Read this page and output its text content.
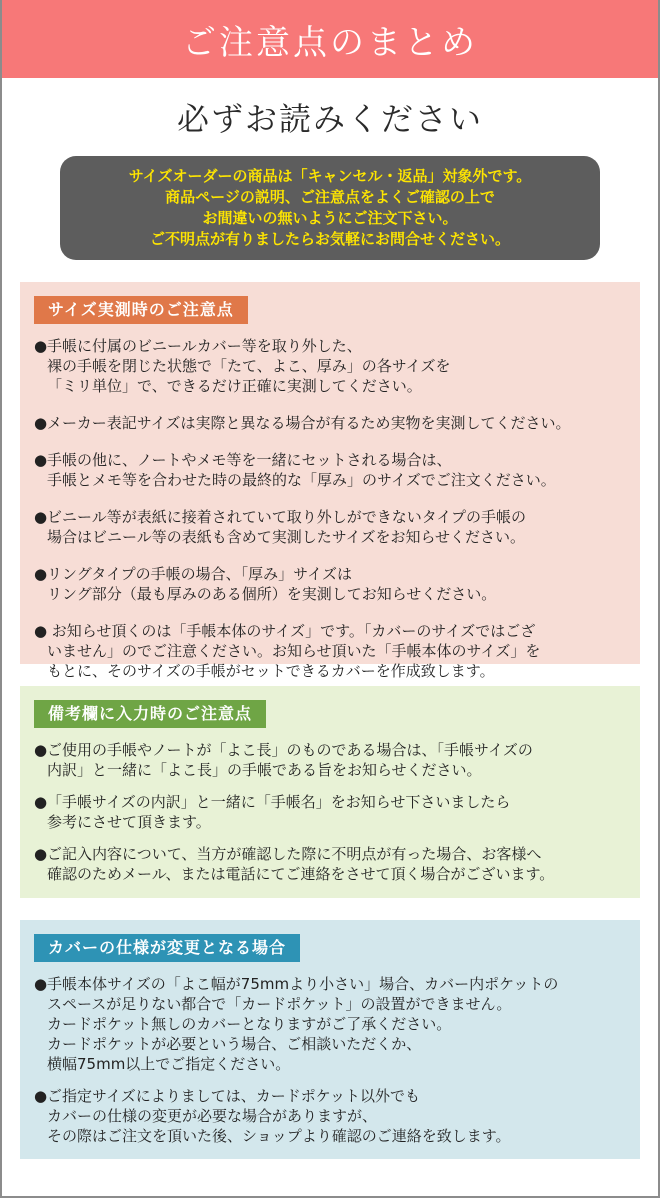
ご注意点のまとめ
必ずお読みください
サイズオーダーの商品は「キャンセル・返品」対象外です。
商品ページの説明、ご注意点をよくご確認の上で
お間違いの無いようにご注文下さい。
ご不明点が有りましたらお気軽にお問合せください。
サイズ実測時のご注意点
●手帳に付属のビニールカバー等を取り外した、
裸の手帳を閉じた状態で「たて、よこ、厚み」の各サイズを
「ミリ単位」で、できるだけ正確に実測してください。
●メーカー表記サイズは実際と異なる場合が有るため実物を実測してください。
●手帳の他に、ノートやメモ等を一緒にセットされる場合は、
手帳とメモ等を合わせた時の最終的な「厚み」のサイズでご注文ください。
●ビニール等が表紙に接着されていて取り外しができないタイプの手帳の
場合はビニール等の表紙も含めて実測したサイズをお知らせください。
●リングタイプの手帳の場合、「厚み」サイズは
リング部分（最も厚みのある個所）を実測してお知らせください。
● お知らせ頂くのは「手帳本体のサイズ」です。「カバーのサイズではござ
いません」のでご注意ください。お知らせ頂いた「手帳本体のサイズ」を
もとに、そのサイズの手帳がセットできるカバーを作成致します。
備考欄に入力時のご注意点
●ご使用の手帳やノートが「よこ長」のものである場合は、「手帳サイズの
内訳」と一緒に「よこ長」の手帳である旨をお知らせください。
●「手帳サイズの内訳」と一緒に「手帳名」をお知らせ下さいましたら
参考にさせて頂きます。
●ご記入内容について、当方が確認した際に不明点が有った場合、お客様へ
確認のためメール、または電話にてご連絡をさせて頂く場合がございます。
カバーの仕様が変更となる場合
●手帳本体サイズの「よこ幅が75mmより小さい」場合、カバー内ポケットの
スペースが足りない都合で「カードポケット」の設置ができません。
カードポケット無しのカバーとなりますがご了承ください。
カードポケットが必要という場合、ご相談いただくか、
横幅75mm以上でご指定ください。
●ご指定サイズによりましては、カードポケット以外でも
カバーの仕様の変更が必要な場合がありますが、
その際はご注文を頂いた後、ショップより確認のご連絡を致します。
